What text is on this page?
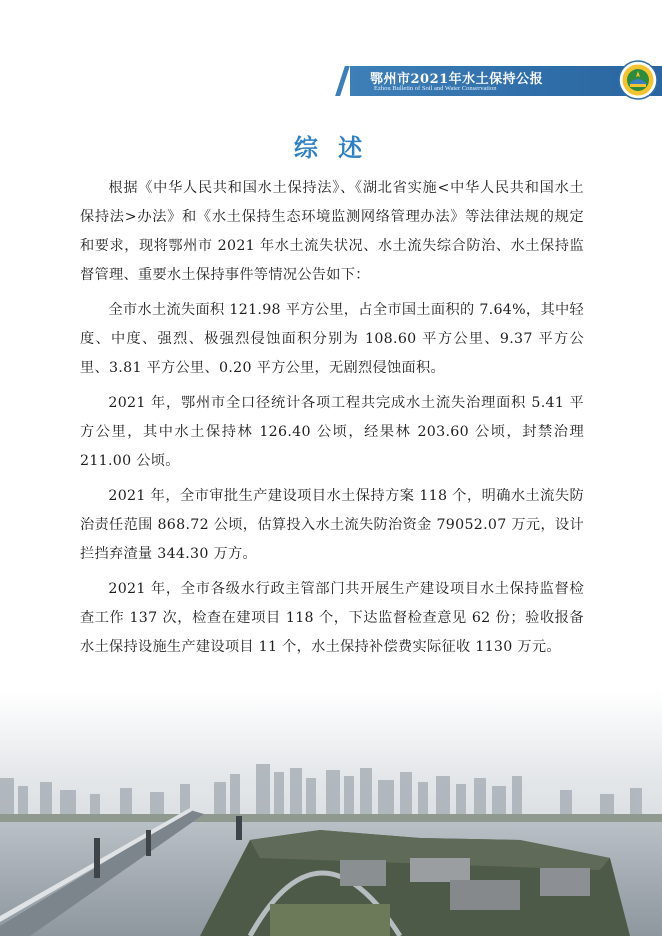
鄂州市2021年水土保持公报
Ezhou Bulletin of Soil and Water Conservation
综 述

根据《中华人民共和国水土保持法》、《湖北省实施<中华人民共和国水土保持法>办法》和《水土保持生态环境监测网络管理办法》等法律法规的规定和要求，现将鄂州市 2021 年水土流失状况、水土流失综合防治、水土保持监督管理、重要水土保持事件等情况公告如下：

全市水土流失面积 121.98 平方公里，占全市国土面积的 7.64%，其中轻度、中度、强烈、极强烈侵蚀面积分别为 108.60 平方公里、9.37 平方公里、3.81 平方公里、0.20 平方公里，无剧烈侵蚀面积。

2021 年，鄂州市全口径统计各项工程共完成水土流失治理面积 5.41 平方公里，其中水土保持林 126.40 公顷，经果林 203.60 公顷，封禁治理 211.00 公顷。

2021 年，全市审批生产建设项目水土保持方案 118 个，明确水土流失防治责任范围 868.72 公顷，估算投入水土流失防治资金 79052.07 万元，设计拦挡弃渣量 344.30 万方。

2021 年，全市各级水行政主管部门共开展生产建设项目水土保持监督检查工作 137 次，检查在建项目 118 个，下达监督检查意见 62 份；验收报备水土保持设施生产建设项目 11 个，水土保持补偿费实际征收 1130 万元。
